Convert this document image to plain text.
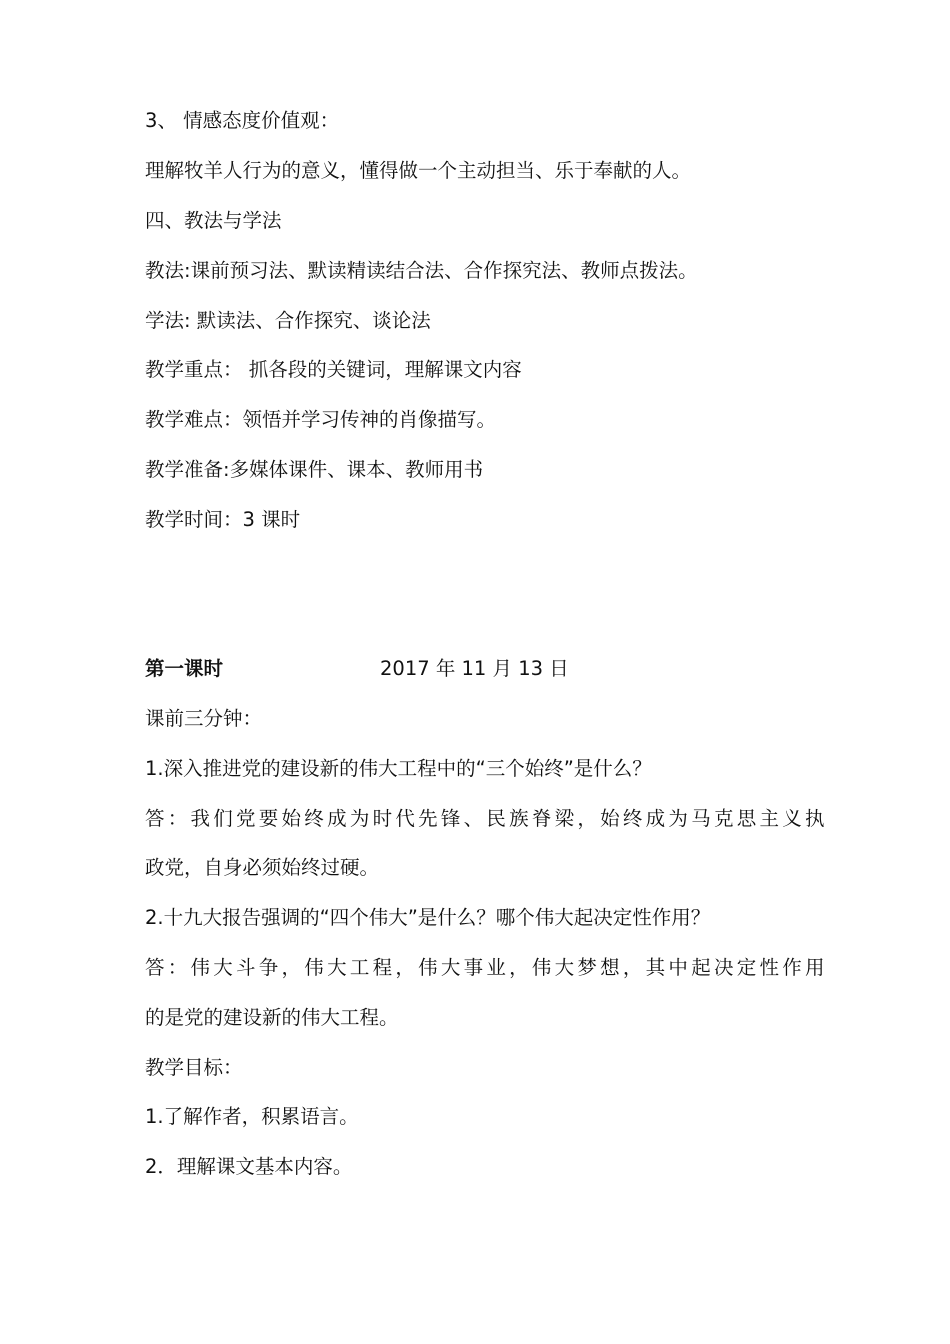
3、 情感态度价值观：
理解牧羊人行为的意义，懂得做一个主动担当、乐于奉献的人。
四、教法与学法
教法:课前预习法、默读精读结合法、合作探究法、教师点拨法。
学法: 默读法、合作探究、谈论法
教学重点： 抓各段的关键词，理解课文内容
教学难点：领悟并学习传神的肖像描写。
教学准备:多媒体课件、课本、教师用书
教学时间：3 课时
第一课时	2017 年 11 月 13 日
课前三分钟：
1.深入推进党的建设新的伟大工程中的“三个始终”是什么？
答：我们党要始终成为时代先锋、民族脊梁，始终成为马克思主义执
政党，自身必须始终过硬。
2.十九大报告强调的“四个伟大”是什么？哪个伟大起决定性作用？
答：伟大斗争，伟大工程，伟大事业，伟大梦想，其中起决定性作用
的是党的建设新的伟大工程。
教学目标：
1.了解作者，积累语言。
2．理解课文基本内容。
